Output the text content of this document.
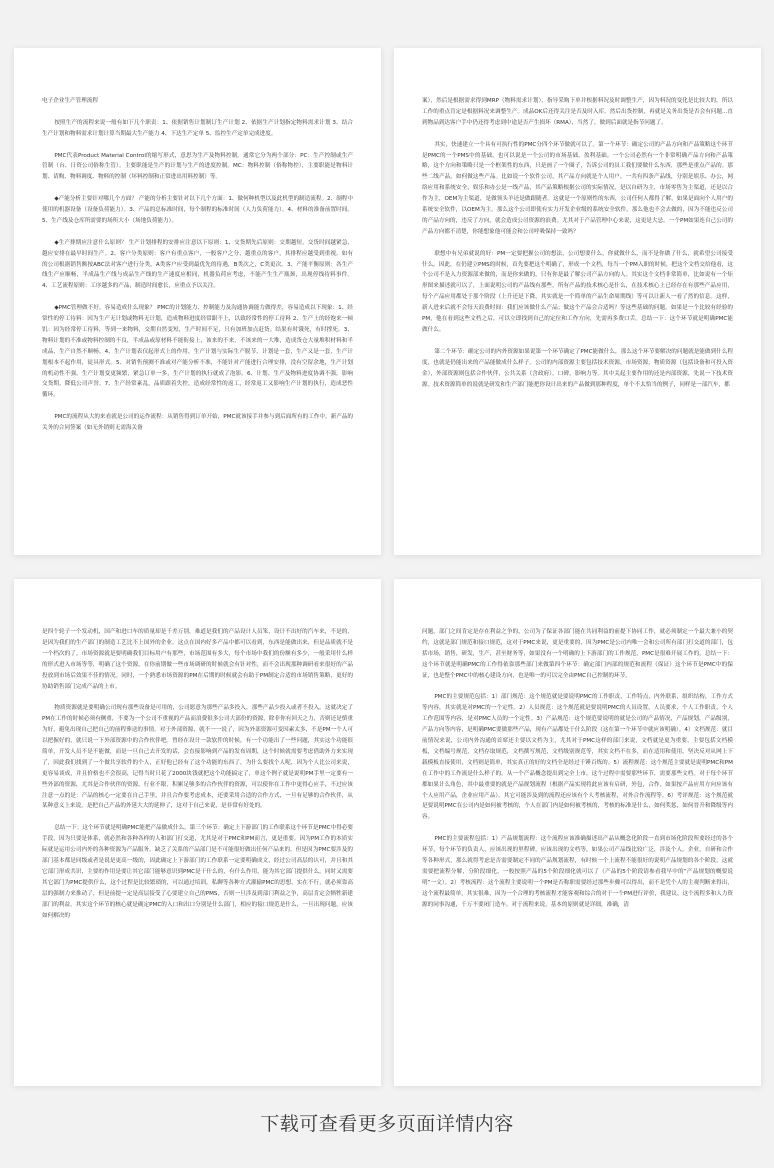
电子企业生产管理流程

按照生产的流程来说一般有如下几个职责：1、依据销售计划制订生产计划 2、依据生产计划指定物料需求计划 3、结合生产计划和物料需求计划计算当期最大生产能力 4、下达生产定单 5、监控生产定单完成进度。

PMC代表Product Material Control的缩写形式，意思为生产及物料控制。通常它分为两个部分：PC：生产控制或生产管制（台、日资公司俗称生管）。主要职能是生产的计划与生产的进度控制。MC：物料控制（俗称物控），主要职能是物料计划、请购、物料调度、物料的控制（坏料控制和正常进出用料控制）等。

◆产能分析主要针对哪几个方面？ 产能的分析主要针对以下几个方面：1、做何种机型以及此机型的制造流程。2、制程中使用的机器设备（设备负荷能力）。3、产品的总标准时间，每个制程的标准时间（人力负荷能力）。4、材料的准备前置时间。5、生产线及仓库所需要的场所大小（场地负荷能力）。

◆生产排期应注意什么原则？ 生产计划排程的安排应注意以下原则：1、交货期先后原则：交期越短，交货时间越紧急，越应安排在最早时间生产。2、客户分类原则：客户有重点客户，一般客户之分，越重点的客户，其排程应越受到重视。如有的公司根据销售额按ABC法对客户进行分类，A类客户应受到最优先的待遇，B类次之，C类更次。3、产能平衡原则：各生产线生产应顺畅，半成品生产线与成品生产线的生产速度应相同，机器负荷应考虑，不能产生生产瓶颈，出现停线待料事件。4、工艺流程原则：工序越多的产品，制造时间愈长，应重点予以关注。

◆PMC管理做不好，容易造成什么现象？ PMC的计划能力、控制能力及沟通协调能力做得差，容易造成以下现象：1、经常性的停工待料：因为生产无计划或物料无计划，造成物料进度经常跟不上，以致经常性的停工待料 2、生产上的经饱来一顿饥：因为经常停工待料，等到一来物料，交期自然变短，生产时间不足，只有加班加点赶货。结果有时饿死，有时撑死。3、物料计划的不准或物料控制的不良，半成品或原材料不能衔接上，该来的不来，不该来的一大堆，造成货仓大量堆积材料和半成品，生产自然不顺畅。4、生产计划表仅起形式上的作用，生产计划与实际生产脱节，计划是一套，生产又是一套，生产计划根本不起作用，徒具形式。5、对销售预测不准或对产能分析不准，不能针对产能进行合理安排，没有空留余地，生产计划的机动性不强，生产计划变更频繁，紧急订单一多，生产计划的执行就成了泡影。6、计划、生产及物料进度协调不强，影响交货期，降低公司声誉。7、生产经常紊乱，品质跟着失控，造成经常性的返工，经常返工又影响生产计划的执行，造成恶性循环。

PMC的流程从大的来看就是公司的运作流程：从销售得到订单开始，PMC就该接手并参与到后面所有的工作中。新产品的关务的合同签案（如无外销则无需海关备

案），然后是根据需求得到MRP（物料需求计划），指导采购下单并根据料况及时调整生产，因为料况的变化是比较大的，所以工作的重点肯定是根据料况来调整生产。成品OK后还得关注是否及时入库，然后出货控制，再就是关务出货是否会有问题...直到物品到达客户手中仍还得考虑到中途是否产生损坏（RMA），当然了，做到后面就是指节问题了。

其实，快速建立一个具有可执行性的PMC分四个环节做就可以了。第一个环节：确定公司的产品方向和产品策略这个环节是PMC的一个PMS中的基础，也可以说是一个公司的市场基础，盈利基础。一个公司必然有一个非常明确产品方向和产品策略，这个方向和策略只是一个框架性的东西，只是画了一个圈子，告诉公司的员工我们要做什么东西，那些是重点产品的。那些二线产品，如何做这些产品。比如说一个软件公司，其产品方向就是个人用户，一共有四条产品线，分别是娱乐、办公，网络应用和系统安全，娱乐和办公是一线产品，其产品策略根据公司的实际情况，是以自研为主，市场零售为主渠道，还是以合作为主，OEM为主渠道，是做领头羊还是做跟随者。这就是一个原则性的东西，公司任何人都得了解，如果是面向个人用户的系统安全软件，以OEM为主，那么这个公司即使有实力开发企业级的系统安全软件，那么他也不会去做的，因为不能违反公司的产品方向的，违反了方向，就会造成公司资源的浪费。尤其对于产品管理中心来说，这更是大忌。一个PM如果连自己公司的产品方向都不清楚，你能想象他可能会和公司呼吸保持一致吗？

联想中有兄弟就说的好：PM一定要把握公司的想法，公司想要什么，你就做什么，而不是你做了什么，就希望公司接受什么。因此，在仍建立PMS的时候，首先要把这个明确了，形成一个文档，每当一个PM入职的时候，把这个文档交给他看，这个公司不是入力资源部来做的，而是你来做的，只有你是最了解公司产品方向的人。其实这个文档非常简单，比如说有一个矩形图来描述就可以了，上面说明公司的产品线有那些，所有产品的技术核心是什么，在技术核心上已经存在有那些产品应用，每个产品应用都处于那个阶段（上升还是下降，其实就是一个简单的产品生命周期线）等可以让新人一看了然的信息。这样，新人进来后就不会每天浪费时间：我们应该做什么产品；做这个产品会合适吗？等这些基础的问题，如果是一个比较有经验的PM，他在看到这些文档之后，可以立即找到自己的定位和工作方向，先需再多费口舌。总结一下：这个环节就是明确PMC能做什么。

第二个环节：确定公司的内外资源如果说第一个环节确定了PMC能做什么，那么这个环节要解决的问题就是能做到什么程度，也就是仍能出来的产品能做成什么样子。公司的内部资源主要包括技术资源，市场资源，物质资源（包括设备和可投入资金），外部资源则包括合作伙伴，公共关系（含政府），口碑，影响力等。其中关起主要作用的还是内部资源，先说一下技术资源。技术资源简单的说就是研发和生产部门能把你设计出来的产品做到那种程度，单个不太恰当的例子，同样是一部汽车，都

是四个轮子一个发动机，国产和进口车的质量却是千差万别，难道是我们的产品设计人员笨，设计不出好的汽车来，不是的，是因为我们的生产部门的制造工艺比不上国外的企业。这点在国内好多产品中都可以看到，东西是能做出来，但是品质就不是一个档次的了。市场资源就是要明确我们目标用户有那些，市场范围有多大，每个市场中我们的份额有多少，一般采用什么样的形式进入市场等等，明确了这个资源，在你前期做一些市场调研的时候就会有针对性，而不会出现那种调研看来很好的产品投放到市场后效果不佳的情况。同时，一个熟悉市场资源的PM在后期的时候就会有助于PM制定合适的市场销售策略，更好的协助销售部门完成产品的上市。

物质资源就是要明确公司现有那些设备是可用的，公司愿意为那些产品多投入，那些产品少投入或者不投入。这就决定了PM在工作的时候必须有侧重，不要为一个公司不重视的产品而浪费很多公司大部份的资源，除非你有回天之力，否则还是慎重为好，避免出现自己把自己的前程葬送的事情。对于外部资源，就不一一说了，因为外部资源可变因素太多，不是PM一个人可以把握好的，就只说一下外部资源中的合作伙伴吧。曾经在设计一款软件的时候，有一个功能出了一些问题，其实这个功能很简单，开发人员不是不能做，而是一旦自己去开发的话，会直接影响到产品的发布周期，这个时候就需要考虑借助外力来实现了，因此我们找到了一个做共享软件的个人，正好他已经有了这个功能的东西了，为什么要找个人呢，因为个人比公司来说，更容易谈成，并且价格也不会很高，记得当时只花了2000块钱就把这个功能搞定了，单这个例子就是说明PM手里一定要有一些外部的资源，尤其是合作伙伴的资源，行业不限，积累足够多的合作伙伴的资源，可以使你在工作中更得心应手，不过应该注意一点的是：产品的核心一定要在自己手里，并且合作要考虑成本，还要采用合适的合作方式，一旦有足够的合作伙伴，从某种意义上来说，是把自己产品的外延大大的延伸了，这对于自己来说，是非常有好处的。

总结一下：这个环节就是明确PMC能把产品做成什么。第三个环节：确定上下游部门的工作联系这个环节是PMC中得必要手段，因为只要是体系，就必然和各种各样的人和部门打交道，尤其是对于PMC和PM而言，更是重要。因为PM工作的本质实际就是运用公司内外的各种资源为产品服务，缺乏了关系的产品部门是不可能很好做出任何产品来的，但是因为PMC要涉及的部门基本都是同级或者是说是更高一级的，因此确定上下游部门的工作联系一定要明确成文，经过公司高层的认可，并且和其它部门形成共识，主要的作用是要让其它部门能够意识到PMC是干什么的，有什么作用，能为其它部门提供什么。同时又需要其它部门为PMC提供什么，这个过程是比较繁琐的，可以通过培训，私聊等各种方式灌输PMC的思想，实在不行，就必须靠高层的强制力来推动了，但是前提一定是高层接受了心要建立自己的PMS，否则一旦涉及到部门利益之争，高层肯定会牺牲新建部门的利益。其实这个环节的核心就是确定PMC的入口和出口分别是什么部门，相应的接口规范是什么，一旦出现问题，应该如何解决的

问题。部门之间肯定是存在利益之争的，公司为了保证各部门能在共同利益的前提下协同工作，就必须制定一个最大兼小的契约，这就是部门规范和接口规范，这对于PMC来说，更是重要的，因为PMC是公司内唯一会和公司所有部门打交道的部门，包括市场，销售，研发，生产，甚至财务等，如果没有一个明确的上下游部门的工作规范，PMC是很难开展工作的。总结一下：这个环节就是明确PMC的工作得依靠那些部门来做第四个环节：确定部门内部的规范和流程（保证）这个环节是PMC中的保证，也是整个PMC中的核心建设方向，也是唯一的可以完全由PMC自己控制的环节。

PMC的主要规范包括：1）部门规范：这个规范就是要说明PMC的工作职责，工作特点，内外联系，组织结构，工作方式等内容，其实就是对PMC的一个定性。2）人员规范：这个规范就是要说明PMC的人员设置，人员要求，个人工作职责，个人工作范围等内容，是对PMC人员的一个定性。3）产品规范：这个规范要说明的就是公司的产品情况，产品规划，产品级别，产品方向等内容，是明确PMC要做那些产品，现有产品都处于什么阶段（这在第一个环节中就应该明确）。4）文档规范：就目前情况来说，公司内外沟通的首席还主要以文档为主，尤其对于PMC这样的部门来说，文档就是更为重要，主要包括文档模板，文档编号规范，文档存取规范，文档撰写规范，文档级别规范等，其实文档不在多，而在适用和使用，坚决反对从网上下载模板直接使用，文档则是简单，其实真正的好的文档全是经过千锤百炼的。5）流程规范：这个规范主要就是说明PMC和PM在工作中的工作流是什么样子的，从一个产品概念提出到完全上市，这个过程中需要那些环节，需要那些文档。对于每个环节都如果计么角色，其中最重要的就是产品规划流程（根据产品实现将此应该有启研，外包，合作，如果按产品应用方向应该有个人应用产品，企业应用产品），其它可能涉及到的流程还应该有个人考核流程，对外合作流程等。6）考评规范：这个规范就是要说明PMC在公司内是如何被考核的，个人在部门内是如何被考核的，考核的标准是什么，如何奖惩，如何晋升和降级等内容。

PMC的主要流程包括：1）产品规划流程：这个流程应该准确描述出产品从概念化阶段一直到市场化阶段所要经过的各个环节，每个环节的负责人，应该出现的里程碑，应该出现的文档等，如果公司产品线比较广泛，涉及个人，企业，自研和合作等各种形式，那么就得考虑是否需要制定不同的产品规划流程，有时候一个上流程不能很好的说明产品规划的各个阶段，这就需要把流程分解，分阶段细化，一般按照产品的5个阶段细化就可以了（产品的5个阶段请参看我早中的“产品规划的概要说明”一文）。2）考核流程：这个流程主要说明一个PM是否称职需要经过那些步骤可以得出，而不是凭个人的主观判断来得出，这个流程最简单，其实很难，因为一个合理的考核流程才能客观和综合的对于一个PM进行评价，我建议，这个流程多和人力资源的同事沟通，千万不要闭门造车。对于流程来说，基本的原则就是详细，准确，清

下载可查看更多页面详情内容
